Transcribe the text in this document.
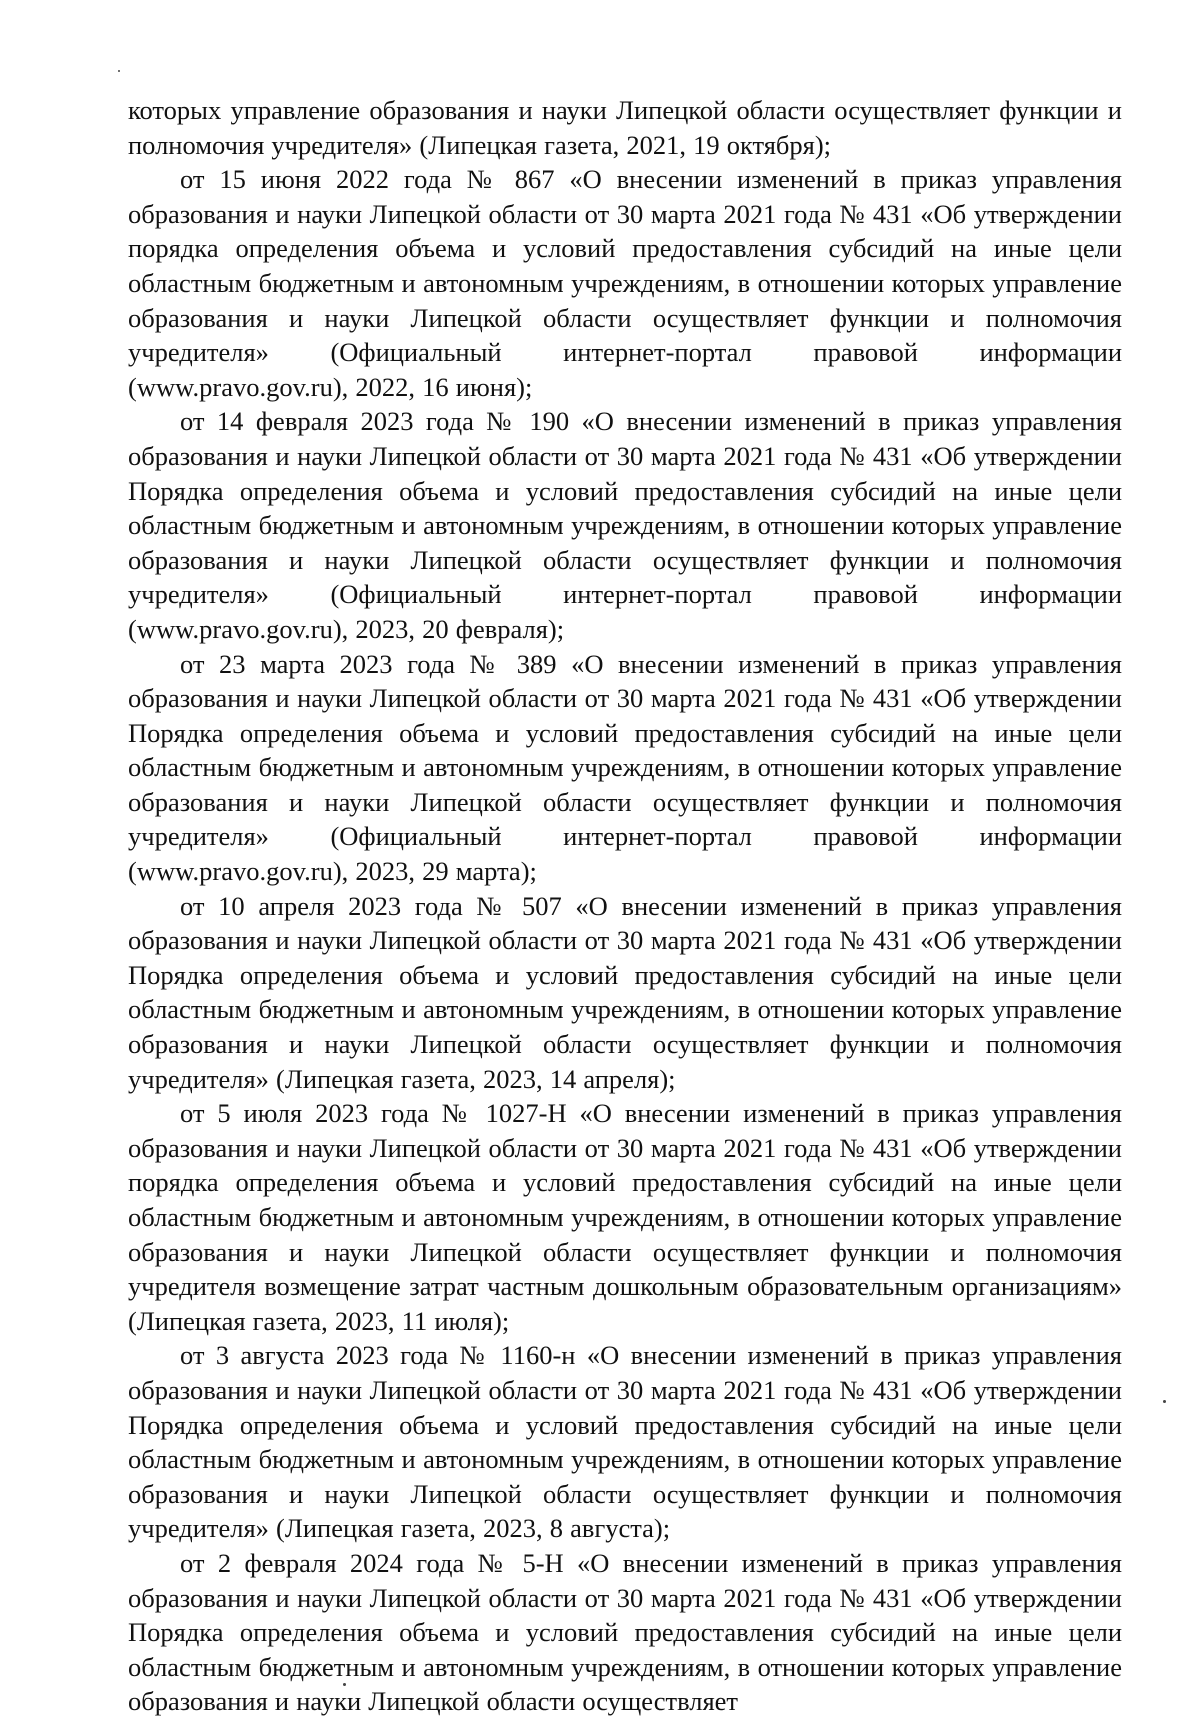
которых управление образования и науки Липецкой области осуществляет функции и полномочия учредителя» (Липецкая газета, 2021, 19 октября);

от 15 июня 2022 года № 867 «О внесении изменений в приказ управления образования и науки Липецкой области от 30 марта 2021 года № 431 «Об утверждении порядка определения объема и условий предоставления субсидий на иные цели областным бюджетным и автономным учреждениям, в отношении которых управление образования и науки Липецкой области осуществляет функции и полномочия учредителя» (Официальный интернет-портал правовой информации (www.pravo.gov.ru), 2022, 16 июня);

от 14 февраля 2023 года № 190 «О внесении изменений в приказ управления образования и науки Липецкой области от 30 марта 2021 года № 431 «Об утверждении Порядка определения объема и условий предоставления субсидий на иные цели областным бюджетным и автономным учреждениям, в отношении которых управление образования и науки Липецкой области осуществляет функции и полномочия учредителя» (Официальный интернет-портал правовой информации (www.pravo.gov.ru), 2023, 20 февраля);

от 23 марта 2023 года № 389 «О внесении изменений в приказ управления образования и науки Липецкой области от 30 марта 2021 года № 431 «Об утверждении Порядка определения объема и условий предоставления субсидий на иные цели областным бюджетным и автономным учреждениям, в отношении которых управление образования и науки Липецкой области осуществляет функции и полномочия учредителя» (Официальный интернет-портал правовой информации (www.pravo.gov.ru), 2023, 29 марта);

от 10 апреля 2023 года № 507 «О внесении изменений в приказ управления образования и науки Липецкой области от 30 марта 2021 года № 431 «Об утверждении Порядка определения объема и условий предоставления субсидий на иные цели областным бюджетным и автономным учреждениям, в отношении которых управление образования и науки Липецкой области осуществляет функции и полномочия учредителя» (Липецкая газета, 2023, 14 апреля);

от 5 июля 2023 года № 1027-Н «О внесении изменений в приказ управления образования и науки Липецкой области от 30 марта 2021 года № 431 «Об утверждении порядка определения объема и условий предоставления субсидий на иные цели областным бюджетным и автономным учреждениям, в отношении которых управление образования и науки Липецкой области осуществляет функции и полномочия учредителя возмещение затрат частным дошкольным образовательным организациям» (Липецкая газета, 2023, 11 июля);

от 3 августа 2023 года № 1160-н «О внесении изменений в приказ управления образования и науки Липецкой области от 30 марта 2021 года № 431 «Об утверждении Порядка определения объема и условий предоставления субсидий на иные цели областным бюджетным и автономным учреждениям, в отношении которых управление образования и науки Липецкой области осуществляет функции и полномочия учредителя» (Липецкая газета, 2023, 8 августа);

от 2 февраля 2024 года № 5-Н «О внесении изменений в приказ управления образования и науки Липецкой области от 30 марта 2021 года № 431 «Об утверждении Порядка определения объема и условий предоставления субсидий на иные цели областным бюджетным и автономным учреждениям, в отношении которых управление образования и науки Липецкой области осуществляет
